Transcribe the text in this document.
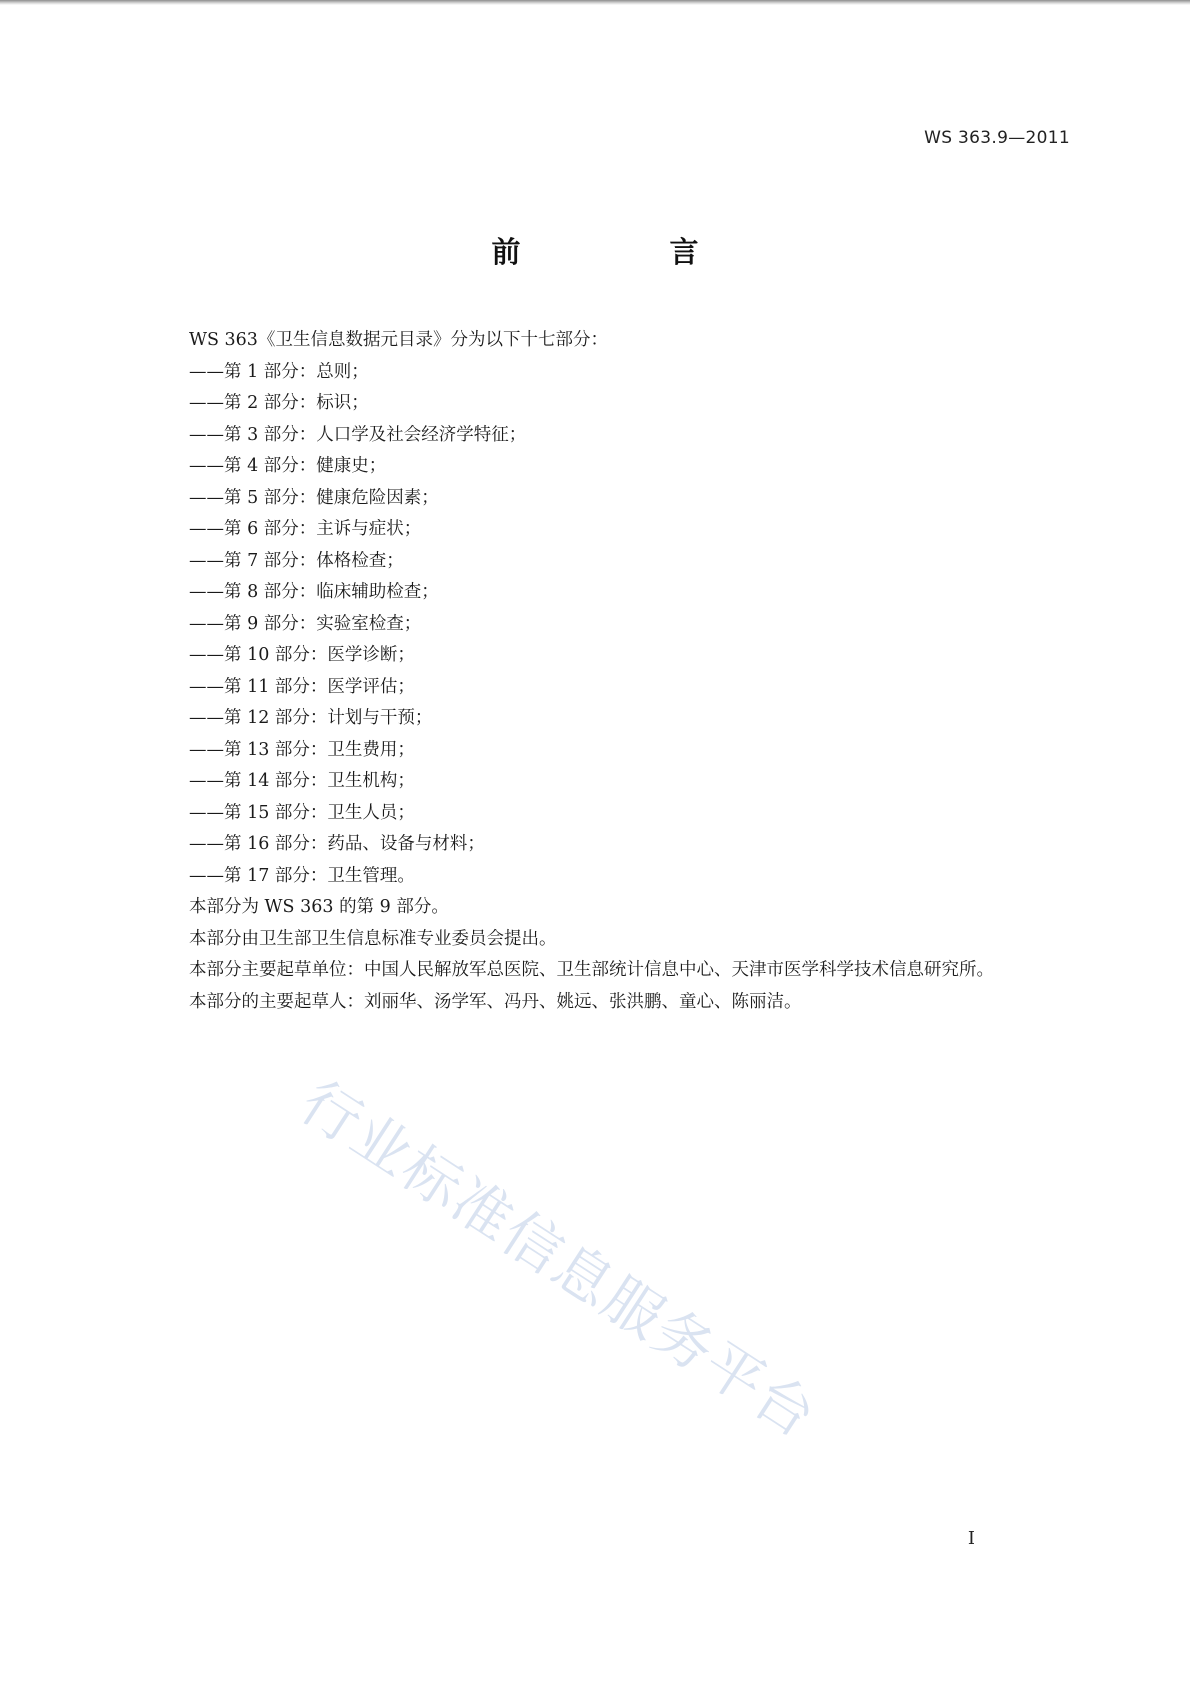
WS 363.9—2011
前　言
WS 363《卫生信息数据元目录》分为以下十七部分：
——第 1 部分：总则；
——第 2 部分：标识；
——第 3 部分：人口学及社会经济学特征；
——第 4 部分：健康史；
——第 5 部分：健康危险因素；
——第 6 部分：主诉与症状；
——第 7 部分：体格检查；
——第 8 部分：临床辅助检查；
——第 9 部分：实验室检查；
——第 10 部分：医学诊断；
——第 11 部分：医学评估；
——第 12 部分：计划与干预；
——第 13 部分：卫生费用；
——第 14 部分：卫生机构；
——第 15 部分：卫生人员；
——第 16 部分：药品、设备与材料；
——第 17 部分：卫生管理。
本部分为 WS 363 的第 9 部分。
本部分由卫生部卫生信息标准专业委员会提出。
本部分主要起草单位：中国人民解放军总医院、卫生部统计信息中心、天津市医学科学技术信息研究所。
本部分的主要起草人：刘丽华、汤学军、冯丹、姚远、张洪鹏、童心、陈丽洁。
行业标准信息服务平台
I
